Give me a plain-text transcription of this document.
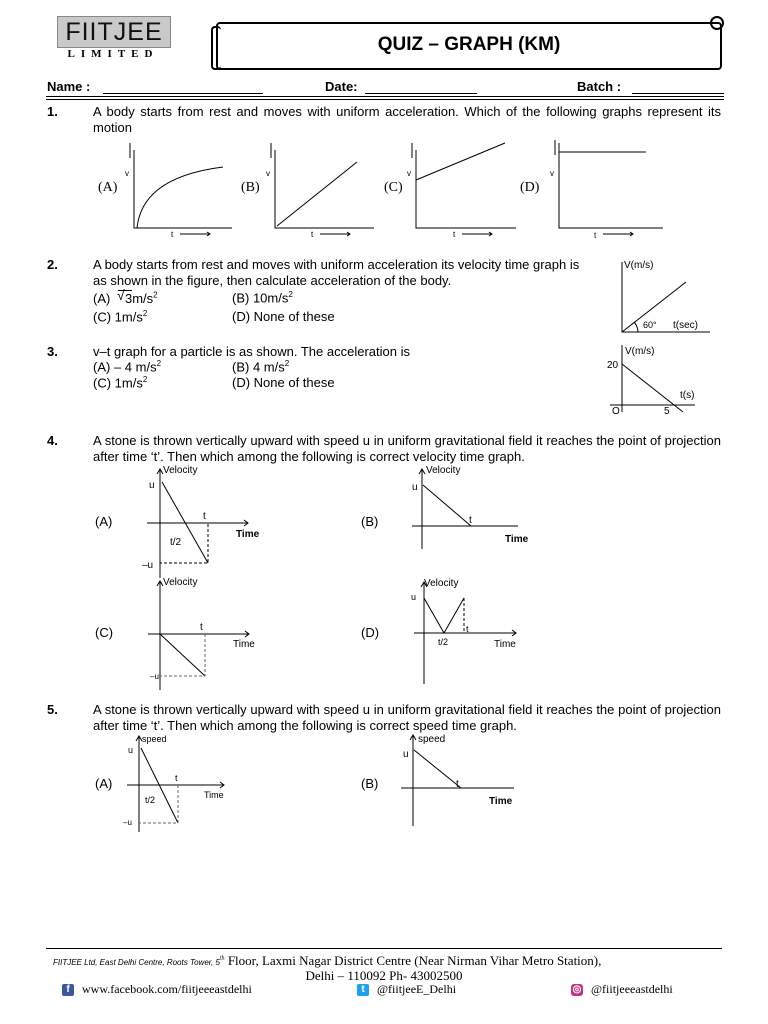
FIITJEE
LIMITED	QUIZ – GRAPH (KM)
Name :	Date:	Batch :
1.	A body starts from rest and moves with uniform acceleration. Which of the following graphs represent its motion
(A)	(B)	(C)	(D)
v
t
v
t
v
t
v
t
2.	A body starts from rest and moves with uniform acceleration its velocity time graph is as shown in the figure, then calculate acceleration of the body.
(A) √ $3m/s^2$	(B) $10m/s^2$
(C) $1m/s^2$	(D) None of these
V(m/s)
t(sec)
60°
3.	v–t graph for a particle is as shown. The acceleration is
(A) – 4 $m/s^2$	(B) 4 $m/s^2$
(C) $1m/s^2$	(D) None of these
V(m/s)
t(s)
20
5
O
4.	A stone is thrown vertically upward with speed u in uniform gravitational field it reaches the point of projection after time ‘t’. Then which among the following is correct velocity time graph.
(A)	(B)
(C)	(D)
Velocity
Time
u
–u
t
t/2
Velocity
Time
u
t
Velocity
Time
–u
t
Velocity
Time
u
t
t/2
5.	A stone is thrown vertically upward with speed u in uniform gravitational field it reaches the point of projection after time ‘t’. Then which among the following is correct speed time graph.
(A)	(B)
speed
Time
u
–u
t
t/2
speed
Time
u
t
FIITJEE Ltd, East Delhi Centre, Roots Tower, 5th Floor, Laxmi Nagar District Centre (Near Nirman Vihar Metro Station),
Delhi – 110092 Ph- 43002500
f	www.facebook.com/fiitjeeeastdelhi	t	@fiitjeeE_Delhi	◎ @fiitjeeeastdelhi
